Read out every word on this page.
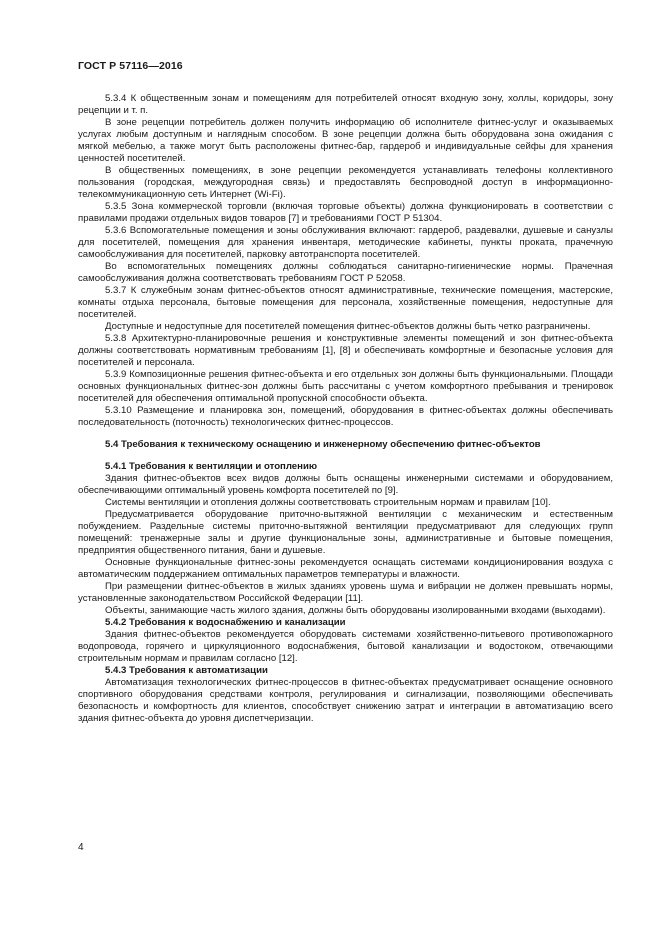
ГОСТ Р 57116—2016

5.3.4 К общественным зонам и помещениям для потребителей относят входную зону, холлы, коридоры, зону рецепции и т. п.

В зоне рецепции потребитель должен получить информацию об исполнителе фитнес-услуг и оказываемых услугах любым доступным и наглядным способом. В зоне рецепции должна быть оборудована зона ожидания с мягкой мебелью, а также могут быть расположены фитнес-бар, гардероб и индивидуальные сейфы для хранения ценностей посетителей.

В общественных помещениях, в зоне рецепции рекомендуется устанавливать телефоны коллективного пользования (городская, междугородная связь) и предоставлять беспроводной доступ в информационно-телекоммуникационную сеть Интернет (Wi-Fi).

5.3.5 Зона коммерческой торговли (включая торговые объекты) должна функционировать в соответствии с правилами продажи отдельных видов товаров [7] и требованиями ГОСТ Р 51304.

5.3.6 Вспомогательные помещения и зоны обслуживания включают: гардероб, раздевалки, душевые и санузлы для посетителей, помещения для хранения инвентаря, методические кабинеты, пункты проката, прачечную самообслуживания для посетителей, парковку автотранспорта посетителей.

Во вспомогательных помещениях должны соблюдаться санитарно-гигиенические нормы. Прачечная самообслуживания должна соответствовать требованиям ГОСТ Р 52058.

5.3.7 К служебным зонам фитнес-объектов относят административные, технические помещения, мастерские, комнаты отдыха персонала, бытовые помещения для персонала, хозяйственные помещения, недоступные для посетителей.

Доступные и недоступные для посетителей помещения фитнес-объектов должны быть четко разграничены.

5.3.8 Архитектурно-планировочные решения и конструктивные элементы помещений и зон фитнес-объекта должны соответствовать нормативным требованиям [1], [8] и обеспечивать комфортные и безопасные условия для посетителей и персонала.

5.3.9 Композиционные решения фитнес-объекта и его отдельных зон должны быть функциональными. Площади основных функциональных фитнес-зон должны быть рассчитаны с учетом комфортного пребывания и тренировок посетителей для обеспечения оптимальной пропускной способности объекта.

5.3.10 Размещение и планировка зон, помещений, оборудования в фитнес-объектах должны обеспечивать последовательность (поточность) технологических фитнес-процессов.

5.4 Требования к техническому оснащению и инженерному обеспечению фитнес-объектов
5.4.1 Требования к вентиляции и отоплению

Здания фитнес-объектов всех видов должны быть оснащены инженерными системами и оборудованием, обеспечивающими оптимальный уровень комфорта посетителей по [9].

Системы вентиляции и отопления должны соответствовать строительным нормам и правилам [10].

Предусматривается оборудование приточно-вытяжной вентиляции с механическим и естественным побуждением. Раздельные системы приточно-вытяжной вентиляции предусматривают для следующих групп помещений: тренажерные залы и другие функциональные зоны, административные и бытовые помещения, предприятия общественного питания, бани и душевые.

Основные функциональные фитнес-зоны рекомендуется оснащать системами кондиционирования воздуха с автоматическим поддержанием оптимальных параметров температуры и влажности.

При размещении фитнес-объектов в жилых зданиях уровень шума и вибрации не должен превышать нормы, установленные законодательством Российской Федерации [11].

Объекты, занимающие часть жилого здания, должны быть оборудованы изолированными входами (выходами).

5.4.2 Требования к водоснабжению и канализации

Здания фитнес-объектов рекомендуется оборудовать системами хозяйственно-питьевого противопожарного водопровода, горячего и циркуляционного водоснабжения, бытовой канализации и водостоком, отвечающими строительным нормам и правилам согласно [12].

5.4.3 Требования к автоматизации

Автоматизация технологических фитнес-процессов в фитнес-объектах предусматривает оснащение основного спортивного оборудования средствами контроля, регулирования и сигнализации, позволяющими обеспечивать безопасность и комфортность для клиентов, способствует снижению затрат и интеграции в автоматизацию всего здания фитнес-объекта до уровня диспетчеризации.

4
